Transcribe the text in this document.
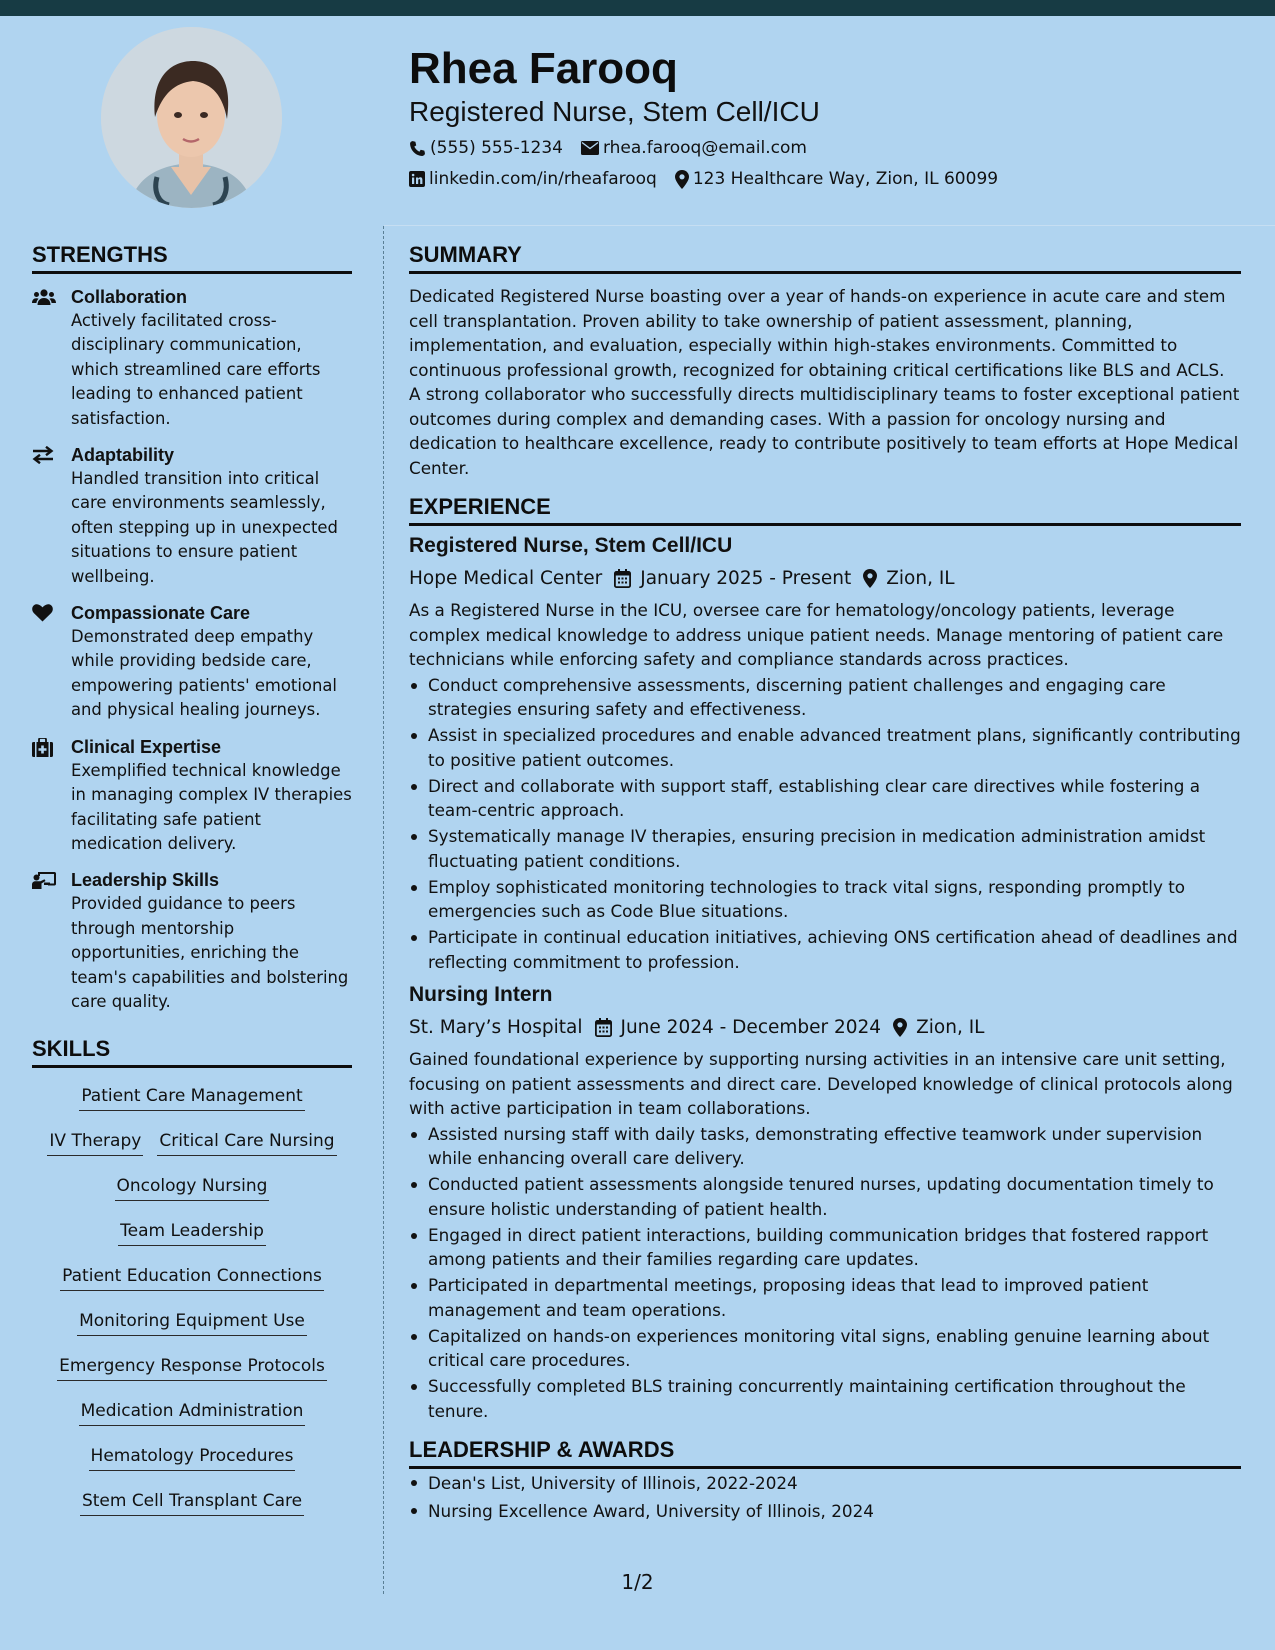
Rhea Farooq
Registered Nurse, Stem Cell/ICU
(555) 555-1234 rhea.farooq@email.com
linkedin.com/in/rheafarooq 123 Healthcare Way, Zion, IL 60099
STRENGTHS
Collaboration
Actively facilitated cross-disciplinary communication, which streamlined care efforts leading to enhanced patient satisfaction.
Adaptability
Handled transition into critical care environments seamlessly, often stepping up in unexpected situations to ensure patient wellbeing.
Compassionate Care
Demonstrated deep empathy while providing bedside care, empowering patients' emotional and physical healing journeys.
Clinical Expertise
Exemplified technical knowledge in managing complex IV therapies facilitating safe patient medication delivery.
Leadership Skills
Provided guidance to peers through mentorship opportunities, enriching the team's capabilities and bolstering care quality.
SKILLS
Patient Care Management
IV Therapy Critical Care Nursing
Oncology Nursing
Team Leadership
Patient Education Connections
Monitoring Equipment Use
Emergency Response Protocols
Medication Administration
Hematology Procedures
Stem Cell Transplant Care
SUMMARY
Dedicated Registered Nurse boasting over a year of hands-on experience in acute care and stem cell transplantation. Proven ability to take ownership of patient assessment, planning, implementation, and evaluation, especially within high-stakes environments. Committed to continuous professional growth, recognized for obtaining critical certifications like BLS and ACLS. A strong collaborator who successfully directs multidisciplinary teams to foster exceptional patient outcomes during complex and demanding cases. With a passion for oncology nursing and dedication to healthcare excellence, ready to contribute positively to team efforts at Hope Medical Center.
EXPERIENCE
Registered Nurse, Stem Cell/ICU
Hope Medical Center January 2025 - Present Zion, IL
As a Registered Nurse in the ICU, oversee care for hematology/oncology patients, leverage complex medical knowledge to address unique patient needs. Manage mentoring of patient care technicians while enforcing safety and compliance standards across practices.
Conduct comprehensive assessments, discerning patient challenges and engaging care strategies ensuring safety and effectiveness.
Assist in specialized procedures and enable advanced treatment plans, significantly contributing to positive patient outcomes.
Direct and collaborate with support staff, establishing clear care directives while fostering a team-centric approach.
Systematically manage IV therapies, ensuring precision in medication administration amidst fluctuating patient conditions.
Employ sophisticated monitoring technologies to track vital signs, responding promptly to emergencies such as Code Blue situations.
Participate in continual education initiatives, achieving ONS certification ahead of deadlines and reflecting commitment to profession.
Nursing Intern
St. Mary’s Hospital June 2024 - December 2024 Zion, IL
Gained foundational experience by supporting nursing activities in an intensive care unit setting, focusing on patient assessments and direct care. Developed knowledge of clinical protocols along with active participation in team collaborations.
Assisted nursing staff with daily tasks, demonstrating effective teamwork under supervision while enhancing overall care delivery.
Conducted patient assessments alongside tenured nurses, updating documentation timely to ensure holistic understanding of patient health.
Engaged in direct patient interactions, building communication bridges that fostered rapport among patients and their families regarding care updates.
Participated in departmental meetings, proposing ideas that lead to improved patient management and team operations.
Capitalized on hands-on experiences monitoring vital signs, enabling genuine learning about critical care procedures.
Successfully completed BLS training concurrently maintaining certification throughout the tenure.
LEADERSHIP & AWARDS
Dean's List, University of Illinois, 2022-2024
Nursing Excellence Award, University of Illinois, 2024
1/2
